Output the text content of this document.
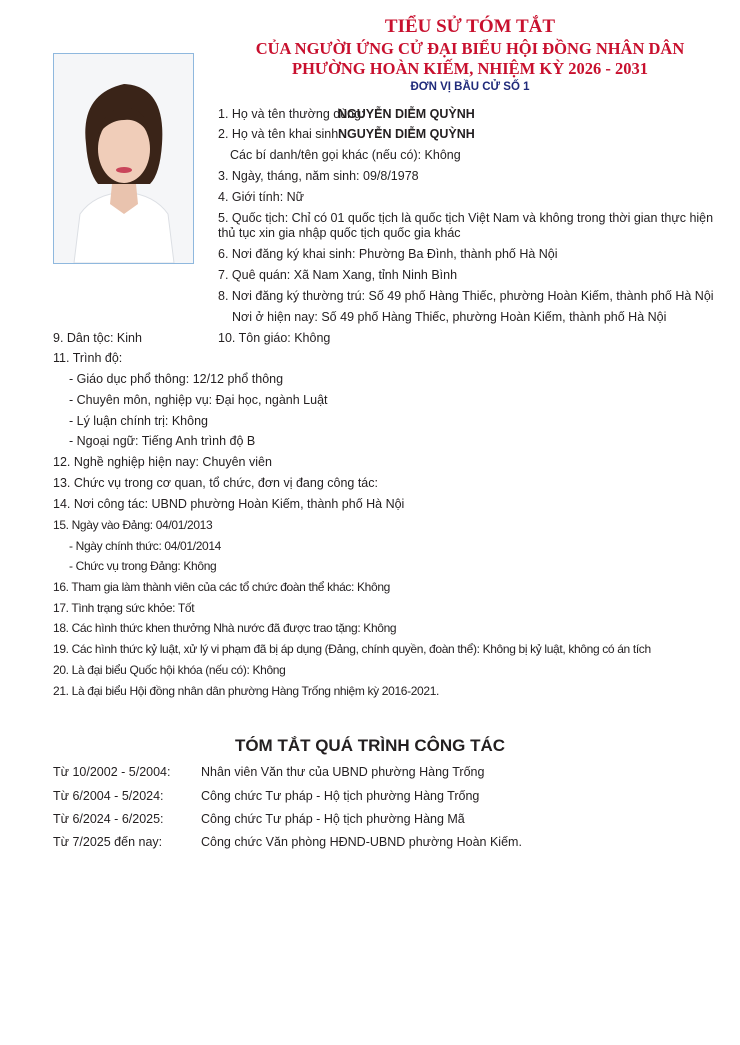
TIỂU SỬ TÓM TẮT
CỦA NGƯỜI ỨNG CỬ ĐẠI BIỂU HỘI ĐỒNG NHÂN DÂN
PHƯỜNG HOÀN KIẾM, NHIỆM KỲ 2026 - 2031
ĐƠN VỊ BẦU CỬ SỐ 1
1. Họ và tên thường dùng:
NGUYỄN DIỄM QUỲNH
2. Họ và tên khai sinh:
NGUYỄN DIỄM QUỲNH
Các bí danh/tên gọi khác (nếu có): Không
3. Ngày, tháng, năm sinh: 09/8/1978
4. Giới tính: Nữ
5. Quốc tịch: Chỉ có 01 quốc tịch là quốc tịch Việt Nam và không trong thời gian thực hiện
thủ tục xin gia nhập quốc tịch quốc gia khác
6. Nơi đăng ký khai sinh: Phường Ba Đình, thành phố Hà Nội
7. Quê quán: Xã Nam Xang, tỉnh Ninh Bình
8. Nơi đăng ký thường trú: Số 49 phố Hàng Thiếc, phường Hoàn Kiếm, thành phố Hà Nội
Nơi ở hiện nay: Số 49 phố Hàng Thiếc, phường Hoàn Kiếm, thành phố Hà Nội
9. Dân tộc: Kinh	10. Tôn giáo: Không
11. Trình độ:
- Giáo dục phổ thông: 12/12 phổ thông
- Chuyên môn, nghiệp vụ: Đại học, ngành Luật
- Lý luận chính trị: Không
- Ngoại ngữ: Tiếng Anh trình độ B
12. Nghề nghiệp hiện nay: Chuyên viên
13. Chức vụ trong cơ quan, tổ chức, đơn vị đang công tác:
14. Nơi công tác: UBND phường Hoàn Kiếm, thành phố Hà Nội
15. Ngày vào Đảng: 04/01/2013
- Ngày chính thức: 04/01/2014
- Chức vụ trong Đảng: Không
16. Tham gia làm thành viên của các tổ chức đoàn thể khác: Không
17. Tình trạng sức khỏe: Tốt
18. Các hình thức khen thưởng Nhà nước đã được trao tặng: Không
19. Các hình thức kỷ luật, xử lý vi phạm đã bị áp dụng (Đảng, chính quyền, đoàn thể): Không bị kỷ luật, không có án tích
20. Là đại biểu Quốc hội khóa (nếu có): Không
21. Là đại biểu Hội đồng nhân dân phường Hàng Trống nhiệm kỳ 2016-2021.
TÓM TẮT QUÁ TRÌNH CÔNG TÁC
Từ 10/2002 - 5/2004: Nhân viên Văn thư của UBND phường Hàng Trống
Từ 6/2004 - 5/2024:	Công chức Tư pháp - Hộ tịch phường Hàng Trống
Từ 6/2024 - 6/2025:	Công chức Tư pháp - Hộ tịch phường Hàng Mã
Từ 7/2025 đến nay:	Công chức Văn phòng HĐND-UBND phường Hoàn Kiếm.
